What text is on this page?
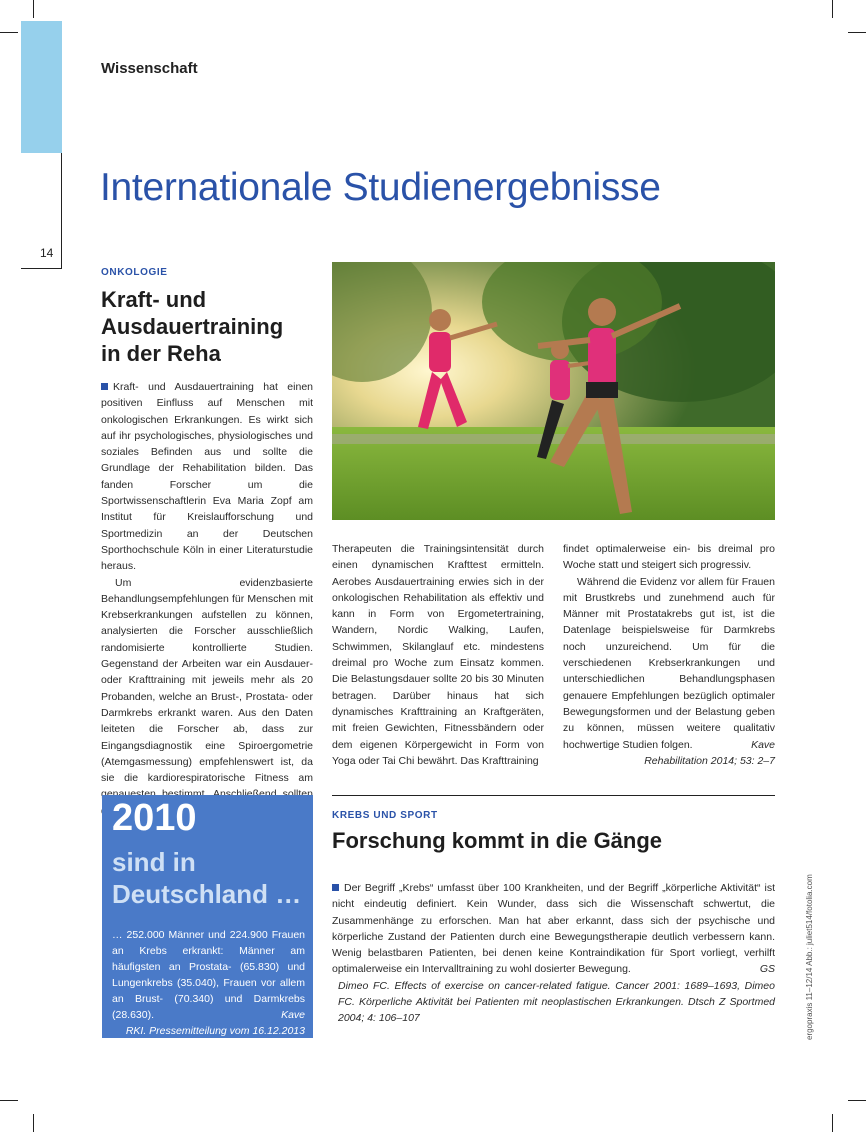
14
Wissenschaft
Internationale Studienergebnisse
ONKOLOGIE
Kraft- und
Ausdauertraining
in der Reha

Kraft- und Ausdauertraining hat einen positiven Einfluss auf Menschen mit onkologischen Erkrankungen. Es wirkt sich auf ihr psychologisches, physiologisches und soziales Befinden aus und sollte die Grundlage der Rehabilitation bilden. Das fanden Forscher um die Sportwissenschaftlerin Eva Maria Zopf am Institut für Kreislaufforschung und Sportmedizin an der Deutschen Sporthochschule Köln in einer Literaturstudie heraus.

Um evidenzbasierte Behandlungsempfehlungen für Menschen mit Krebserkrankungen aufstellen zu können, analysierten die Forscher ausschließlich randomisierte kontrollierte Studien. Gegenstand der Arbeiten war ein Ausdauer- oder Krafttraining mit jeweils mehr als 20 Probanden, welche an Brust-, Prostata- oder Darmkrebs erkrankt waren. Aus den Daten leiteten die Forscher ab, dass zur Eingangsdiagnostik eine Spiroergometrie (Atemgasmessung) empfehlenswert ist, da sie die kardiorespiratorische Fitness am

Therapeuten die Trainingsintensität durch einen dynamischen Krafttest ermitteln. Aerobes Ausdauertraining erwies sich in der onkologischen Rehabilitation als effektiv und kann in Form von Ergometertraining, Wandern, Nordic Walking, Laufen, Schwimmen, Skilanglauf etc. mindestens dreimal pro Woche zum Einsatz kommen. Die Belastungsdauer sollte 20 bis 30 Minuten betragen. Darüber hinaus hat sich dynamisches Krafttraining an Kraftgeräten, mit freien Gewichten, Fitnessbändern oder dem eigenen Körpergewicht in Form von Yoga oder Tai Chi bewährt. Das Krafttraining

findet optimalerweise ein- bis dreimal pro Woche statt und steigert sich progressiv.

Während die Evidenz vor allem für Frauen mit Brustkrebs und zunehmend auch für Männer mit Prostatakrebs gut ist, ist die Datenlage beispielsweise für Darmkrebs noch unzureichend. Um für die verschiedenen Krebserkrankungen und unterschiedlichen Behandlungsphasen genauere Empfehlungen bezüglich optimaler Bewegungsformen und der Belastung geben zu können, müssen weitere qualitativ hochwertige Studien folgen.	Kave

Rehabilitation 2014; 53: 2–7

2010
sind in Deutschland …
… 252.000 Männer und 224.900 Frauen an Krebs erkrankt: Männer am häufigsten an Prostata- (65.830) und Lungenkrebs (35.040), Frauen vor allem an Brust- (70.340) und Darmkrebs (28.630).	Kave
RKI. Pressemitteilung vom 16.12.2013
KREBS UND SPORT
Forschung kommt in die Gänge

Der Begriff „Krebs“ umfasst über 100 Krankheiten, und der Begriff „körperliche Aktivität“ ist nicht eindeutig definiert. Kein Wunder, dass sich die Wissenschaft schwertut, die Zusammenhänge zu erforschen. Man hat aber erkannt, dass sich der psychische und körperliche Zustand der Patienten durch eine Bewegungstherapie deutlich verbessern kann. Wenig belastbaren Patienten, bei denen keine Kontraindikation für Sport vorliegt, verhilft optimalerweise ein Intervalltraining zu wohl dosierter Bewegung.	GS

Dimeo FC. Effects of exercise on cancer-related fatigue. Cancer 2001: 1689–1693, Dimeo FC. Körperliche Aktivität bei Patienten mit neoplastischen Erkrankungen. Dtsch Z Sportmed 2004; 4: 106–107	ergopraxis 11–12/14 Abb.: juliet514/fotolia.com
